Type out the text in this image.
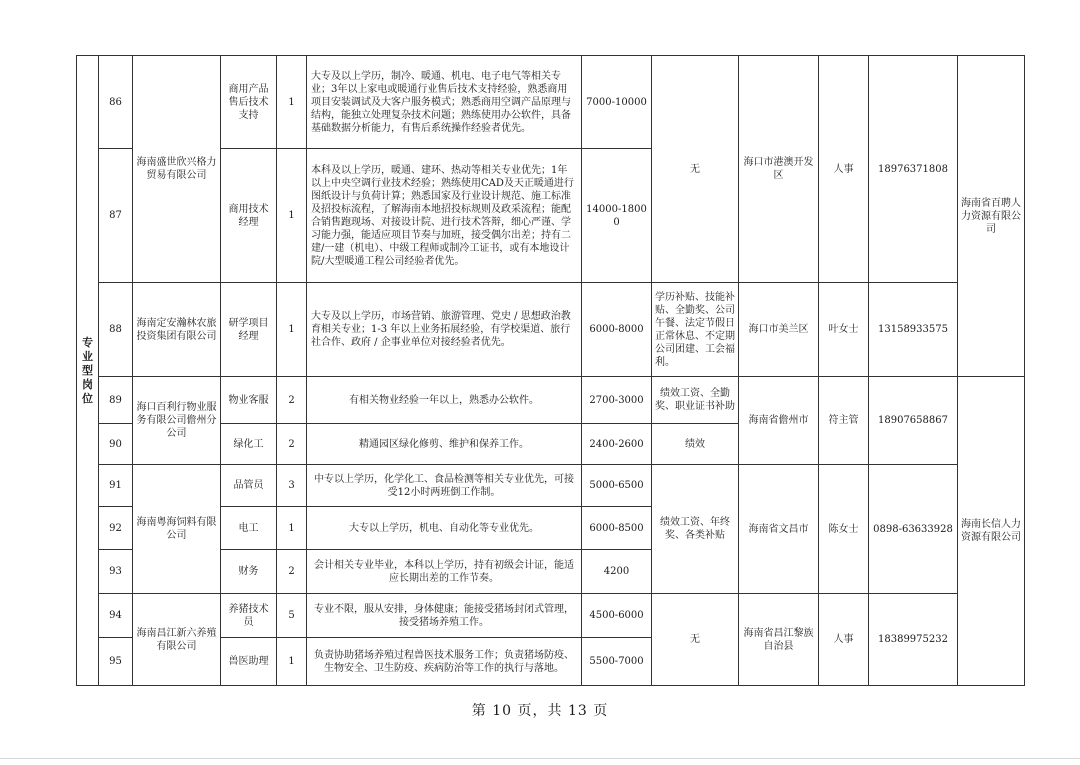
专业型岗位	86	海南盛世欣兴格力贸易有限公司	商用产品售后技术支持	1	大专及以上学历，制冷、暖通、机电、电子电气等相关专业；3年以上家电或暖通行业售后技术支持经验，熟悉商用项目安装调试及大客户服务模式；熟悉商用空调产品原理与结构，能独立处理复杂技术问题；熟练使用办公软件，具备基础数据分析能力，有售后系统操作经验者优先。	7000-10000	无	海口市港澳开发区	人事	18976371808	海南省百聘人力资源有限公司
	87		商用技术经理	1	本科及以上学历，暖通、建环、热动等相关专业优先；1年以上中央空调行业技术经验；熟练使用CAD及天正暖通进行图纸设计与负荷计算；熟悉国家及行业设计规范、施工标准及招投标流程，了解海南本地招投标规则及政采流程；能配合销售跑现场、对接设计院、进行技术答辩，细心严谨、学习能力强，能适应项目节奏与加班，接受偶尔出差；持有二建/一建（机电）、中级工程师或制冷工证书，或有本地设计院/大型暖通工程公司经验者优先。	14000-18000					
	88	海南定安瀚林农旅投资集团有限公司	研学项目经理	1	大专及以上学历，市场营销、旅游管理、党史 / 思想政治教育相关专业；1-3 年以上业务拓展经验，有学校渠道、旅行社合作、政府 / 企事业单位对接经验者优先。	6000-8000	学历补贴、技能补贴、全勤奖、公司午餐、法定节假日正常休息、不定期公司团建、工会福利。	海口市美兰区	叶女士	13158933575	
	89	海口百利行物业服务有限公司儋州分公司	物业客服	2	有相关物业经验一年以上，熟悉办公软件。	2700-3000	绩效工资、全勤奖、职业证书补助	海南省儋州市	符主管	18907658867	海南长信人力资源有限公司
	90		绿化工	2	精通园区绿化修剪、维护和保养工作。	2400-2600	绩效				
	91	海南粤海饲料有限公司	品管员	3	中专以上学历，化学化工、食品检测等相关专业优先，可接受12小时两班倒工作制。	5000-6500	绩效工资、年终奖、各类补贴	海南省文昌市	陈女士	0898-63633928	
	92		电工	1	大专以上学历，机电、自动化等专业优先。	6000-8500					
	93		财务	2	会计相关专业毕业，本科以上学历，持有初级会计证，能适应长期出差的工作节奏。	4200					
	94	海南昌江新六养殖有限公司	养猪技术员	5	专业不限，服从安排，身体健康；能接受猪场封闭式管理，接受猪场养殖工作。	4500-6000	无	海南省昌江黎族自治县	人事	18389975232	
	95		兽医助理	1	负责协助猪场养殖过程兽医技术服务工作；负责猪场防疫、生物安全、卫生防疫、疾病防治等工作的执行与落地。	5500-7000					
第 10 页，共 13 页
